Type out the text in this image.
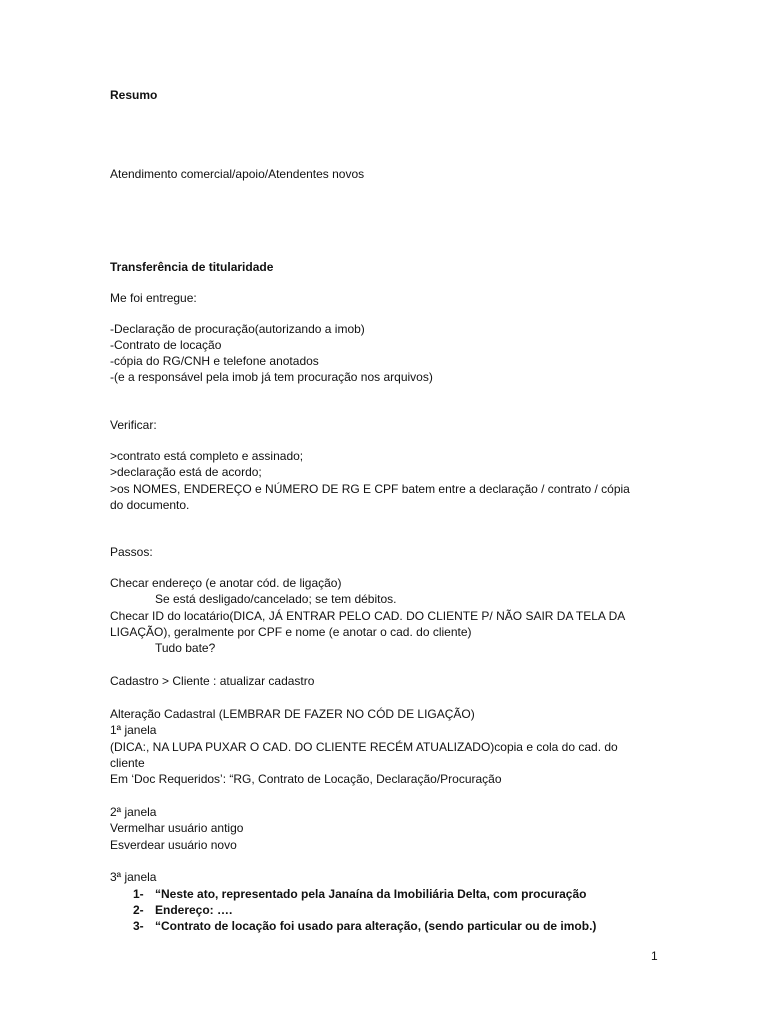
Resumo
Atendimento comercial/apoio/Atendentes novos
Transferência de titularidade
Me foi entregue:
-Declaração de procuração(autorizando a imob)
-Contrato de locação
-cópia do RG/CNH e telefone anotados
-(e a responsável pela imob já tem procuração nos arquivos)
Verificar:
>contrato está completo e assinado;
>declaração está de acordo;
>os NOMES, ENDEREÇO e NÚMERO DE RG E CPF batem entre a declaração / contrato / cópia
do documento.
Passos:
Checar endereço (e anotar cód. de ligação)
Se está desligado/cancelado; se tem débitos.
Checar ID do locatário(DICA, JÁ ENTRAR PELO CAD. DO CLIENTE P/ NÃO SAIR DA TELA DA
LIGAÇÃO), geralmente por CPF e nome (e anotar o cad. do cliente)
Tudo bate?
Cadastro > Cliente : atualizar cadastro
Alteração Cadastral (LEMBRAR DE FAZER NO CÓD DE LIGAÇÃO)
1ª janela
(DICA:, NA LUPA PUXAR O CAD. DO CLIENTE RECÉM ATUALIZADO)copia e cola do cad. do
cliente
Em ‘Doc Requeridos’: “RG, Contrato de Locação, Declaração/Procuração
2ª janela
Vermelhar usuário antigo
Esverdear usuário novo
3ª janela
1- “Neste ato, representado pela Janaína da Imobiliária Delta, com procuração
2- Endereço: ….
3- “Contrato de locação foi usado para alteração, (sendo particular ou de imob.)
1
